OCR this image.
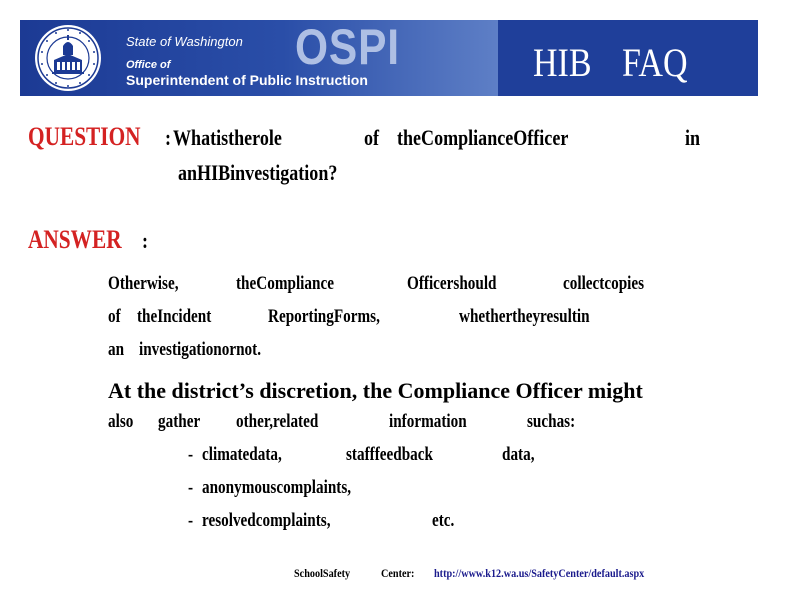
State of Washington
Office of
Superintendent of Public Instruction
OSPI	HIB FAQ
QUESTION : Whatistherole	of theComplianceOfficer	in
anHIBinvestigation?
ANSWER :
Otherwise,	theCompliance	Officershould	collectcopies
of theIncident	ReportingForms,	whethertheyresultin
an investigationornot.
At the district’s discretion, the Compliance Officer might
also gather other,related	information	suchas:
- climatedata,	stafffeedback	data,
- anonymouscomplaints,
- resolvedcomplaints,	etc.
SchoolSafety	Center: http://www.k12.wa.us/SafetyCenter/default.aspx
